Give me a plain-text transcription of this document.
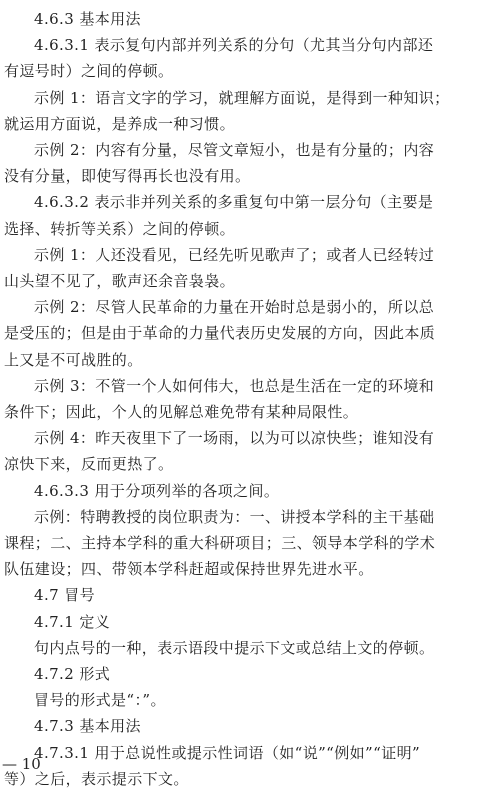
4.6.3 基本用法
4.6.3.1 表示复句内部并列关系的分句（尤其当分句内部还
有逗号时）之间的停顿。
示例 1：语言文字的学习，就理解方面说，是得到一种知识；
就运用方面说，是养成一种习惯。
示例 2：内容有分量，尽管文章短小，也是有分量的；内容
没有分量，即使写得再长也没有用。
4.6.3.2 表示非并列关系的多重复句中第一层分句（主要是
选择、转折等关系）之间的停顿。
示例 1：人还没看见，已经先听见歌声了；或者人已经转过
山头望不见了，歌声还余音袅袅。
示例 2：尽管人民革命的力量在开始时总是弱小的，所以总
是受压的；但是由于革命的力量代表历史发展的方向，因此本质
上又是不可战胜的。
示例 3：不管一个人如何伟大，也总是生活在一定的环境和
条件下；因此，个人的见解总难免带有某种局限性。
示例 4：昨天夜里下了一场雨，以为可以凉快些；谁知没有
凉快下来，反而更热了。
4.6.3.3 用于分项列举的各项之间。
示例：特聘教授的岗位职责为：一、讲授本学科的主干基础
课程；二、主持本学科的重大科研项目；三、领导本学科的学术
队伍建设；四、带领本学科赶超或保持世界先进水平。
4.7 冒号
4.7.1 定义
句内点号的一种，表示语段中提示下文或总结上文的停顿。
4.7.2 形式
冒号的形式是“：”。
4.7.3 基本用法
4.7.3.1 用于总说性或提示性词语（如“说”“例如”“证明”
等）之后，表示提示下文。
— 10
